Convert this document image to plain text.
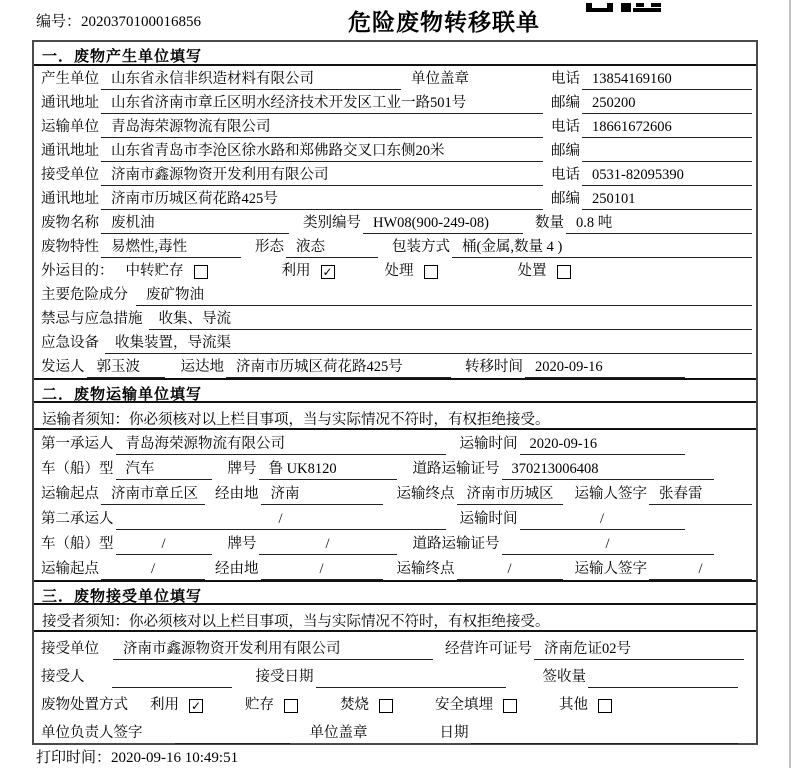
编号：2020370100016856	危险废物转移联单
一．废物产生单位填写
产生单位 山东省永信非织造材料有限公司	单位盖章	电话 13854169160
通讯地址 山东省济南市章丘区明水经济技术开发区工业一路501号	邮编 250200
运输单位 青岛海荣源物流有限公司	电话 18661672606
通讯地址 山东省青岛市李沧区徐水路和郑佛路交叉口东侧20米	邮编
接受单位 济南市鑫源物资开发利用有限公司	电话 0531-82095390
通讯地址 济南市历城区荷花路425号	邮编 250101
废物名称 废机油	类别编号 HW08(900-249-08)	数量 0.8 吨
废物特性 易燃性,毒性	形态 液态	包装方式 桶(金属,数量 4 )
外运目的： 中转贮存	利用 ✓	处理	处置
主要危险成分	废矿物油
禁忌与应急措施	收集、导流
应急设备	收集装置，导流渠
发运人 郭玉波	运达地 济南市历城区荷花路425号	转移时间 2020-09-16
二．废物运输单位填写
运输者须知：你必须核对以上栏目事项，当与实际情况不符时，有权拒绝接受。
第一承运人 青岛海荣源物流有限公司	运输时间 2020-09-16
车（船）型 汽车	牌号 鲁 UK8120	道路运输证号 370213006408
运输起点 济南市章丘区	经由地 济南	运输终点 济南市历城区	运输人签字 张春雷
第二承运人	/	运输时间	/
车（船）型	/	牌号	/	道路运输证号	/
运输起点	/	经由地	/	运输终点	/	运输人签字	/
三．废物接受单位填写
接受者须知：你必须核对以上栏目事项，当与实际情况不符时，有权拒绝接受。
接受单位	济南市鑫源物资开发利用有限公司	经营许可证号 济南危证02号
接受人	接受日期	签收量
废物处置方式 利用 ✓	贮存	焚烧	安全填埋	其他
单位负责人签字	单位盖章	日期
打印时间：2020-09-16 10:49:51
